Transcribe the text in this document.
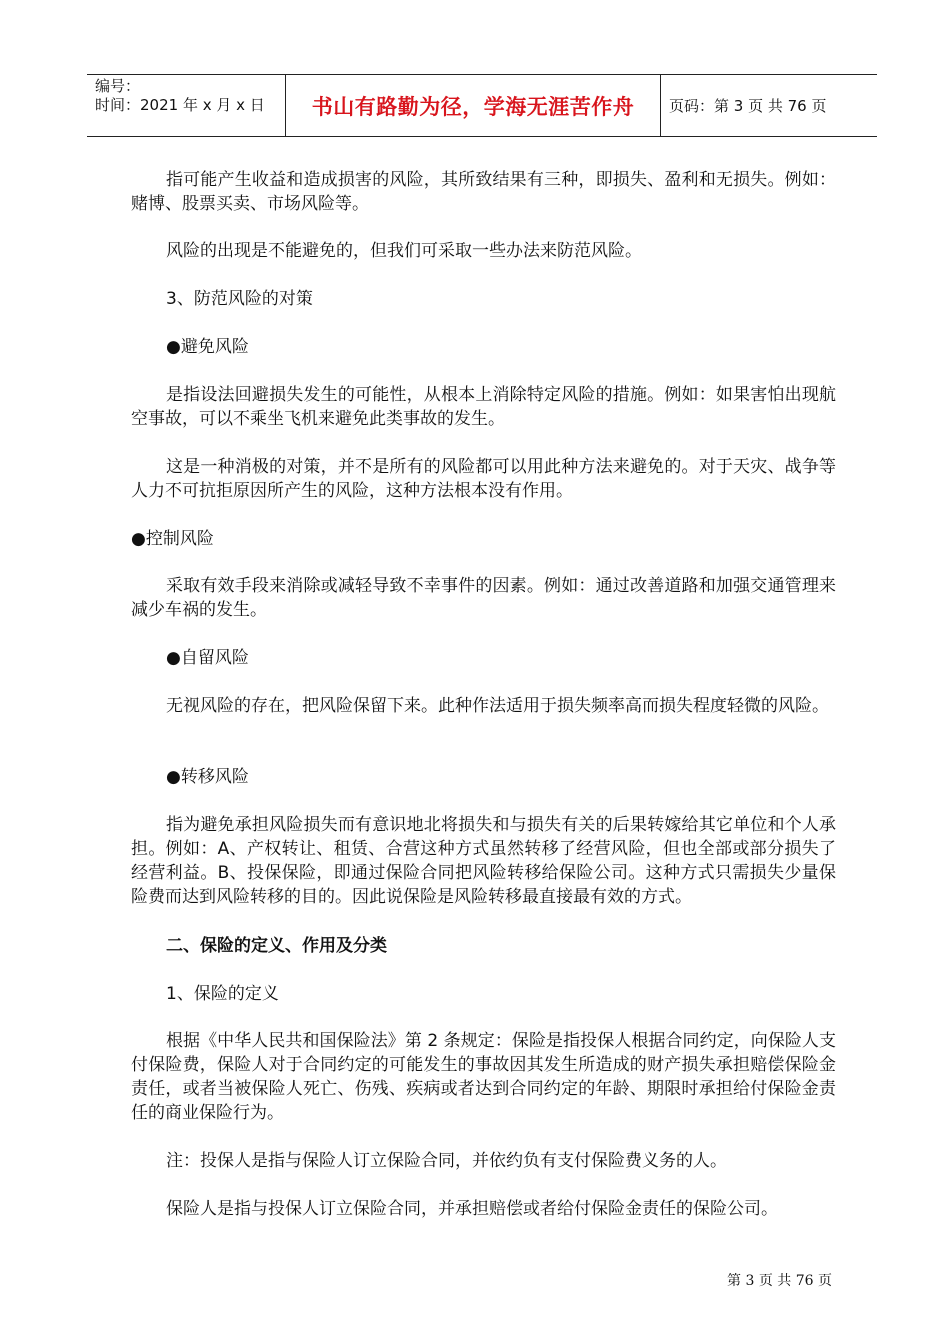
编号：
时间：2021 年 x 月 x 日	书山有路勤为径，学海无涯苦作舟	页码：第 3 页 共 76 页

指可能产生收益和造成损害的风险，其所致结果有三种，即损失、盈利和无损失。例如：赌博、股票买卖、市场风险等。

风险的出现是不能避免的，但我们可采取一些办法来防范风险。

3、防范风险的对策

●避免风险

是指设法回避损失发生的可能性，从根本上消除特定风险的措施。例如：如果害怕出现航空事故，可以不乘坐飞机来避免此类事故的发生。

这是一种消极的对策，并不是所有的风险都可以用此种方法来避免的。对于天灾、战争等人力不可抗拒原因所产生的风险，这种方法根本没有作用。

●控制风险

采取有效手段来消除或减轻导致不幸事件的因素。例如：通过改善道路和加强交通管理来减少车祸的发生。

●自留风险

无视风险的存在，把风险保留下来。此种作法适用于损失频率高而损失程度轻微的风险。

●转移风险

指为避免承担风险损失而有意识地北将损失和与损失有关的后果转嫁给其它单位和个人承担。例如：A、产权转让、租赁、合营这种方式虽然转移了经营风险，但也全部或部分损失了经营利益。B、投保保险，即通过保险合同把风险转移给保险公司。这种方式只需损失少量保险费而达到风险转移的目的。因此说保险是风险转移最直接最有效的方式。

二、保险的定义、作用及分类

1、保险的定义

根据《中华人民共和国保险法》第 2 条规定：保险是指投保人根据合同约定，向保险人支付保险费，保险人对于合同约定的可能发生的事故因其发生所造成的财产损失承担赔偿保险金责任，或者当被保险人死亡、伤残、疾病或者达到合同约定的年龄、期限时承担给付保险金责任的商业保险行为。

注：投保人是指与保险人订立保险合同，并依约负有支付保险费义务的人。

保险人是指与投保人订立保险合同，并承担赔偿或者给付保险金责任的保险公司。

第 3 页 共 76 页
